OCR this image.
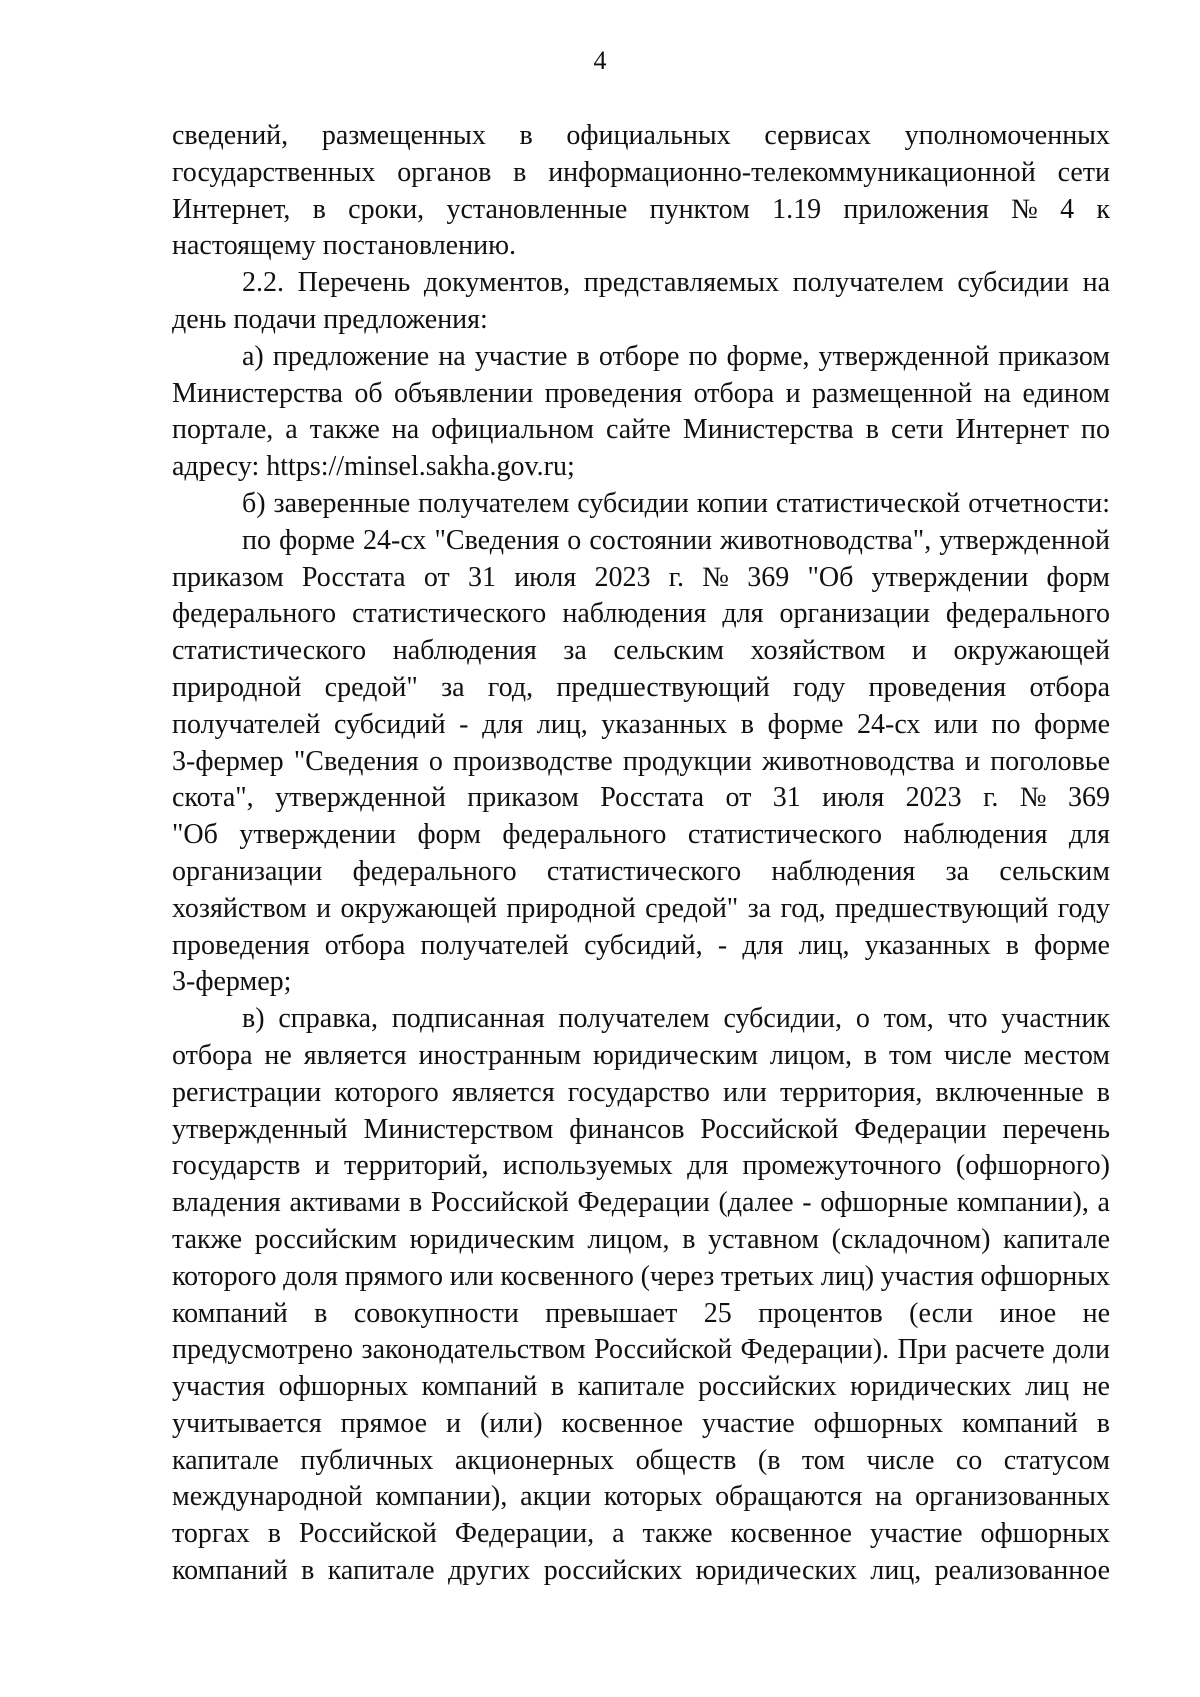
4
сведений, размещенных в официальных сервисах уполномоченных
государственных органов в информационно-телекоммуникационной сети
Интернет, в сроки, установленные пунктом 1.19 приложения № 4 к
настоящему постановлению.
2.2. Перечень документов, представляемых получателем субсидии на
день подачи предложения:
а) предложение на участие в отборе по форме, утвержденной приказом
Министерства об объявлении проведения отбора и размещенной на едином
портале, а также на официальном сайте Министерства в сети Интернет по
адресу: https://minsel.sakha.gov.ru;
б) заверенные получателем субсидии копии статистической отчетности:
по форме 24-сх "Сведения о состоянии животноводства", утвержденной
приказом Росстата от 31 июля 2023 г. № 369 "Об утверждении форм
федерального статистического наблюдения для организации федерального
статистического наблюдения за сельским хозяйством и окружающей
природной средой" за год, предшествующий году проведения отбора
получателей субсидий - для лиц, указанных в форме 24-сх или по форме
3-фермер "Сведения о производстве продукции животноводства и поголовье
скота", утвержденной приказом Росстата от 31 июля 2023 г. № 369
"Об утверждении форм федерального статистического наблюдения для
организации федерального статистического наблюдения за сельским
хозяйством и окружающей природной средой" за год, предшествующий году
проведения отбора получателей субсидий, - для лиц, указанных в форме
3-фермер;
в) справка, подписанная получателем субсидии, о том, что участник
отбора не является иностранным юридическим лицом, в том числе местом
регистрации которого является государство или территория, включенные в
утвержденный Министерством финансов Российской Федерации перечень
государств и территорий, используемых для промежуточного (офшорного)
владения активами в Российской Федерации (далее - офшорные компании), а
также российским юридическим лицом, в уставном (складочном) капитале
которого доля прямого или косвенного (через третьих лиц) участия офшорных
компаний в совокупности превышает 25 процентов (если иное не
предусмотрено законодательством Российской Федерации). При расчете доли
участия офшорных компаний в капитале российских юридических лиц не
учитывается прямое и (или) косвенное участие офшорных компаний в
капитале публичных акционерных обществ (в том числе со статусом
международной компании), акции которых обращаются на организованных
торгах в Российской Федерации, а также косвенное участие офшорных
компаний в капитале других российских юридических лиц, реализованное
